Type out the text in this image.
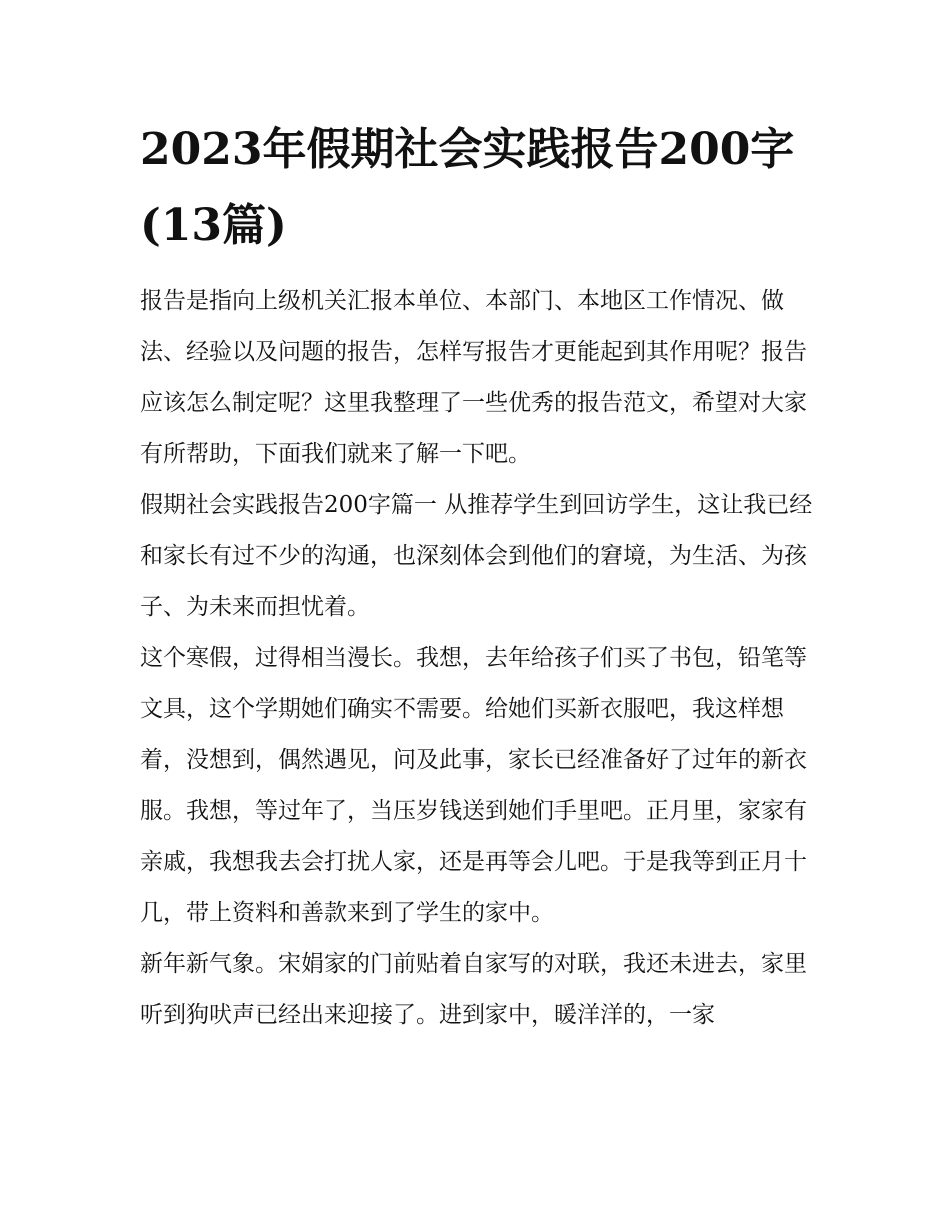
2023年假期社会实践报告200字(13篇)

报告是指向上级机关汇报本单位、本部门、本地区工作情况、做法、经验以及问题的报告，怎样写报告才更能起到其作用呢？报告应该怎么制定呢？这里我整理了一些优秀的报告范文，希望对大家有所帮助，下面我们就来了解一下吧。

假期社会实践报告200字篇一 从推荐学生到回访学生，这让我已经和家长有过不少的沟通，也深刻体会到他们的窘境，为生活、为孩子、为未来而担忧着。

这个寒假，过得相当漫长。我想，去年给孩子们买了书包，铅笔等文具，这个学期她们确实不需要。给她们买新衣服吧，我这样想着，没想到，偶然遇见，问及此事，家长已经准备好了过年的新衣服。我想，等过年了，当压岁钱送到她们手里吧。正月里，家家有亲戚，我想我去会打扰人家，还是再等会儿吧。于是我等到正月十几，带上资料和善款来到了学生的家中。

新年新气象。宋娟家的门前贴着自家写的对联，我还未进去，家里听到狗吠声已经出来迎接了。进到家中，暖洋洋的，一家
